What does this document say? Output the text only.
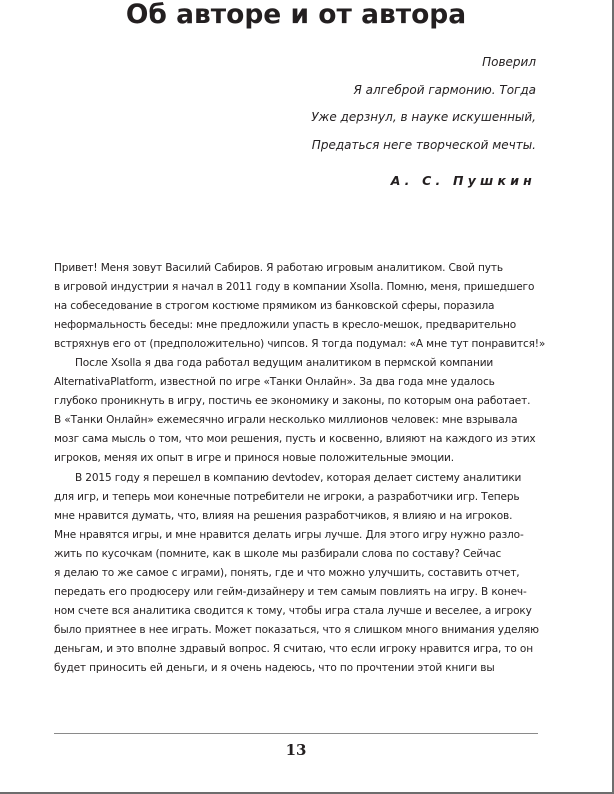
Об авторе и от автора
Поверил
Я алгеброй гармонию. Тогда
Уже дерзнул, в науке искушенный,
Предаться неге творческой мечты.
А. С. Пушкин
Привет! Меня зовут Василий Сабиров. Я работаю игровым аналитиком. Свой путь
в игровой индустрии я начал в 2011 году в компании Xsolla. Помню, меня, пришедшего
на собеседование в строгом костюме прямиком из банковской сферы, поразила
неформальность беседы: мне предложили упасть в кресло-мешок, предварительно
встряхнув его от (предположительно) чипсов. Я тогда подумал: «А мне тут понравится!»
После Xsolla я два года работал ведущим аналитиком в пермской компании
AlternativaPlatform, известной по игре «Танки Онлайн». За два года мне удалось
глубоко проникнуть в игру, постичь ее экономику и законы, по которым она работает.
В «Танки Онлайн» ежемесячно играли несколько миллионов человек: мне взрывала
мозг сама мысль о том, что мои решения, пусть и косвенно, влияют на каждого из этих
игроков, меняя их опыт в игре и принося новые положительные эмоции.
В 2015 году я перешел в компанию devtodev, которая делает систему аналитики
для игр, и теперь мои конечные потребители не игроки, а разработчики игр. Теперь
мне нравится думать, что, влияя на решения разработчиков, я влияю и на игроков.
Мне нравятся игры, и мне нравится делать игры лучше. Для этого игру нужно разло-
жить по кусочкам (помните, как в школе мы разбирали слова по составу? Сейчас
я делаю то же самое с играми), понять, где и что можно улучшить, составить отчет,
передать его продюсеру или гейм-дизайнеру и тем самым повлиять на игру. В конеч-
ном счете вся аналитика сводится к тому, чтобы игра стала лучше и веселее, а игроку
было приятнее в нее играть. Может показаться, что я слишком много внимания уделяю
деньгам, и это вполне здравый вопрос. Я считаю, что если игроку нравится игра, то он
будет приносить ей деньги, и я очень надеюсь, что по прочтении этой книги вы
13
